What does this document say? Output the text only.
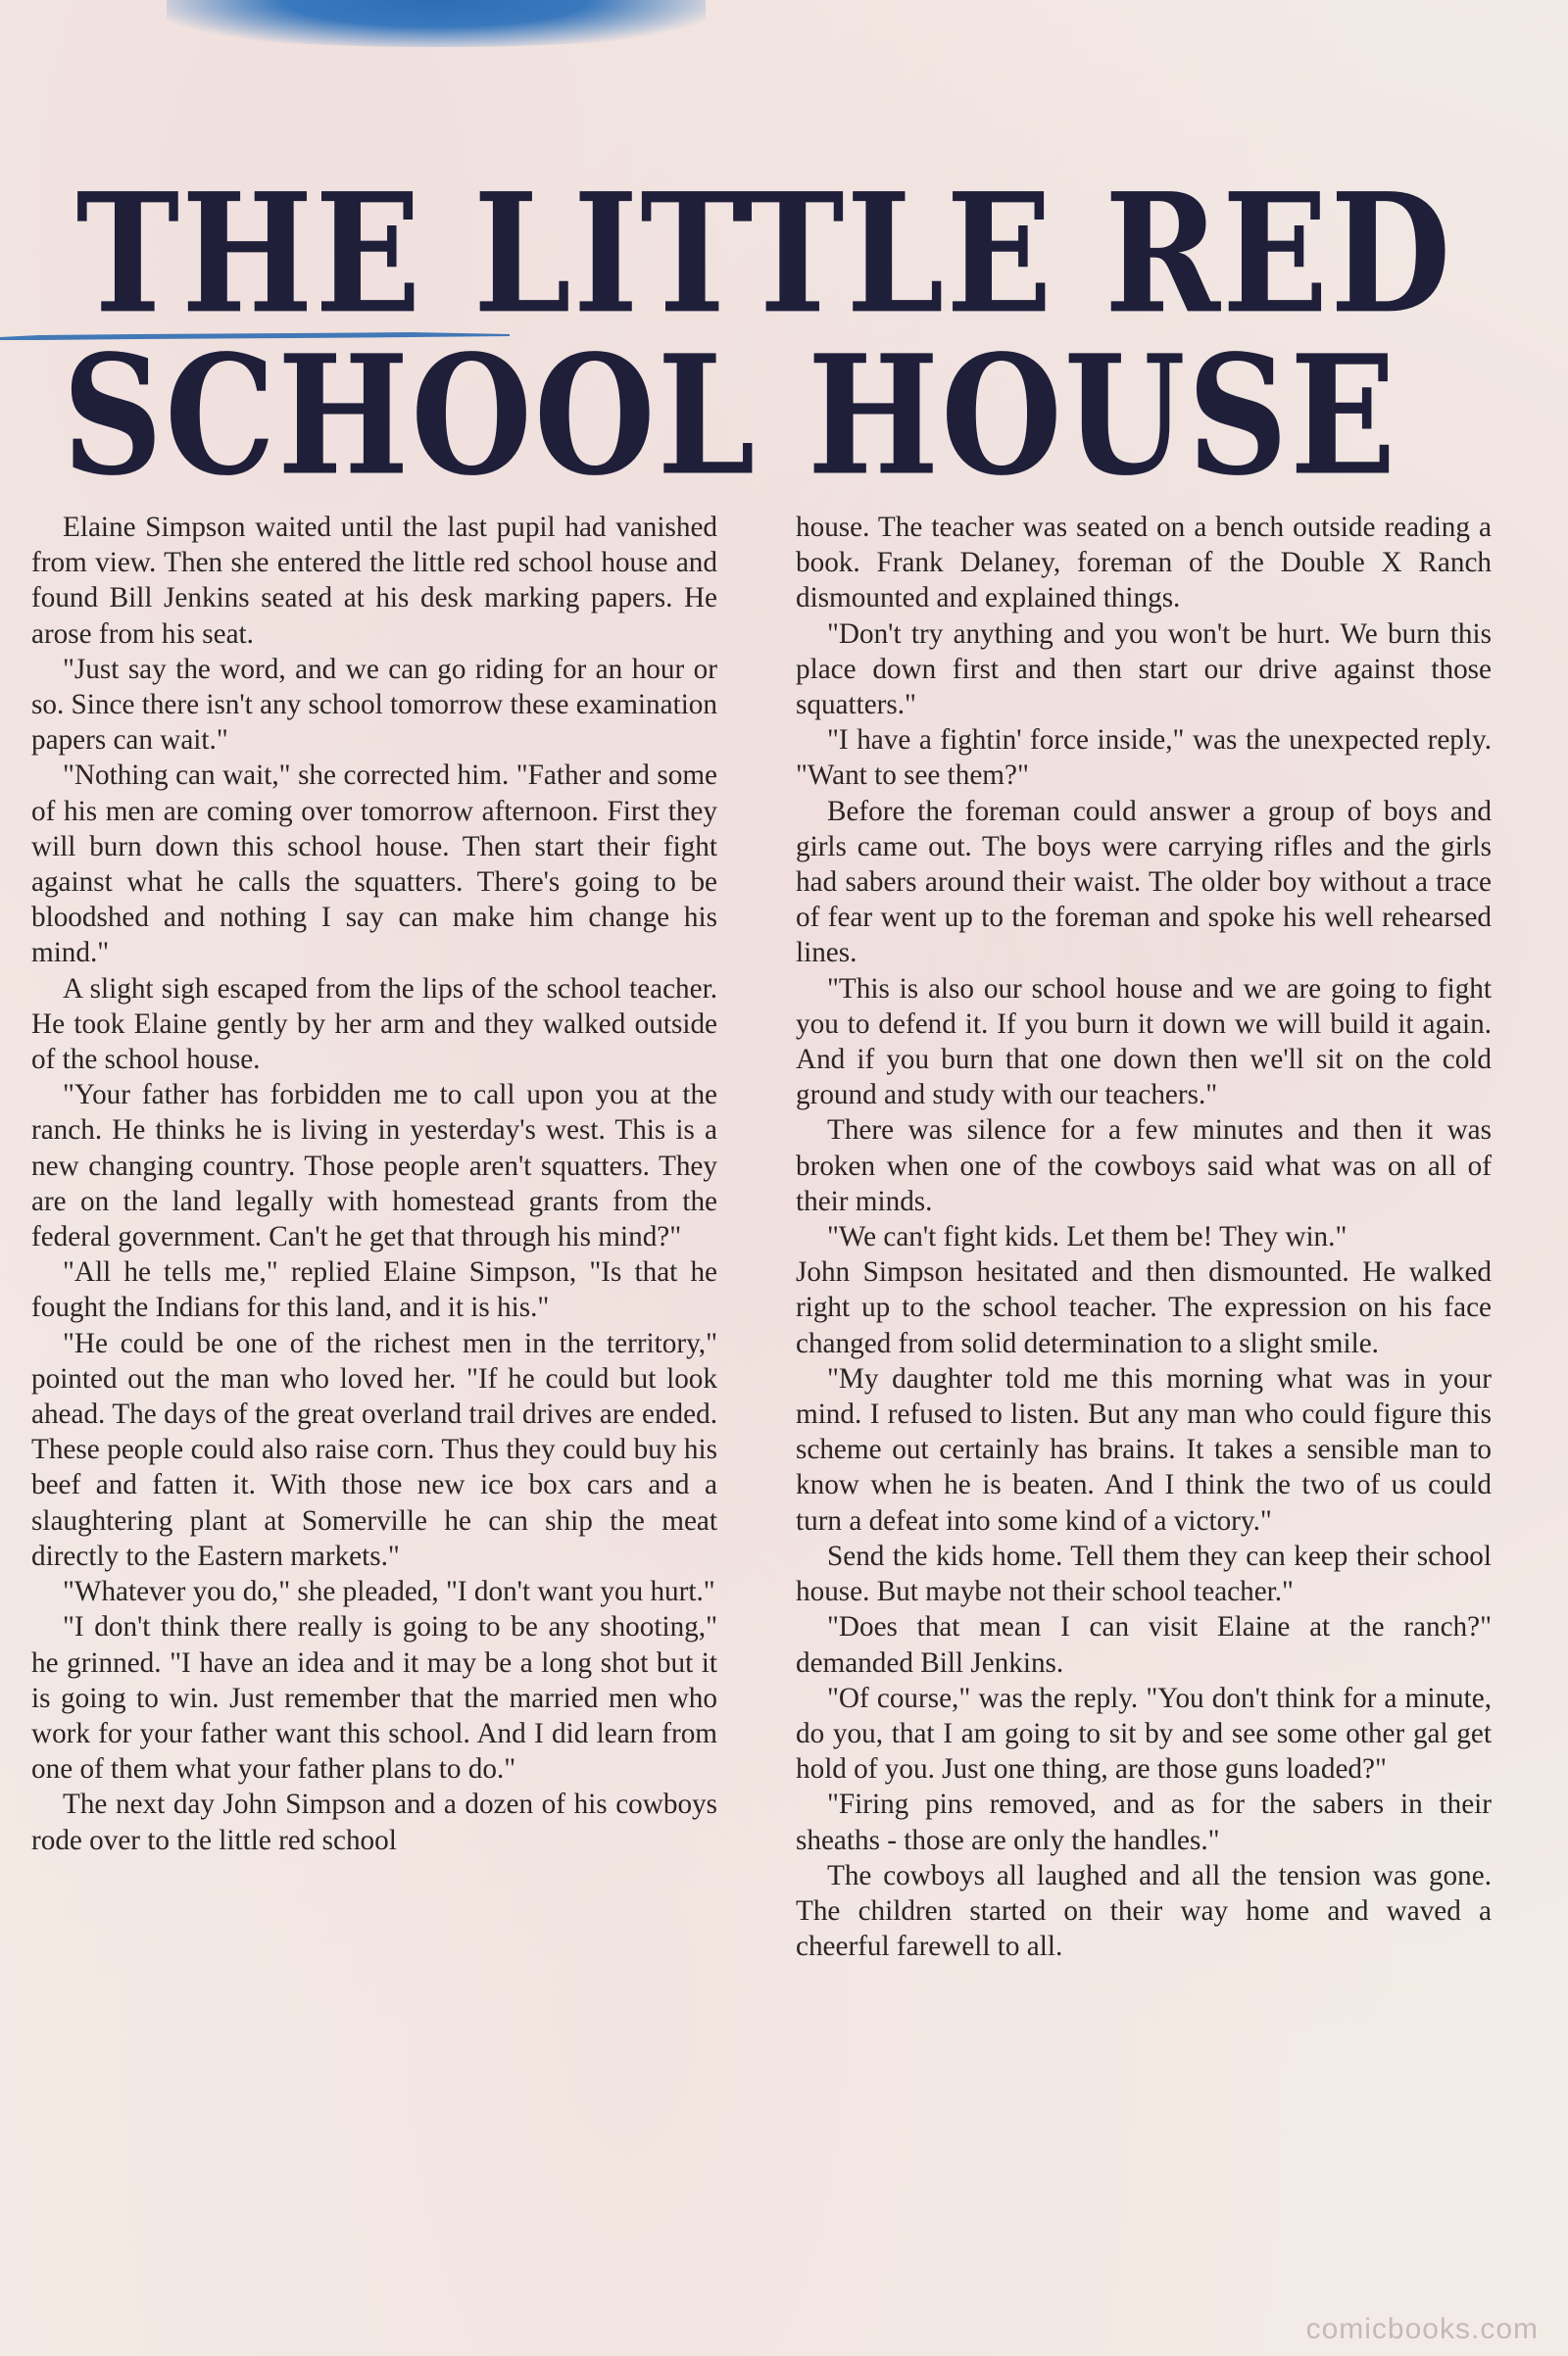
THE LITTLE RED
SCHOOL HOUSE

Elaine Simpson waited until the last pupil had vanished from view. Then she entered the little red school house and found Bill Jenkins seated at his desk marking papers. He arose from his seat.

"Just say the word, and we can go riding for an hour or so. Since there isn't any school tomorrow these examination papers can wait."

"Nothing can wait," she corrected him. "Father and some of his men are coming over tomorrow afternoon. First they will burn down this school house. Then start their fight against what he calls the squatters. There's going to be bloodshed and nothing I say can make him change his mind."

A slight sigh escaped from the lips of the school teacher. He took Elaine gently by her arm and they walked outside of the school house.

"Your father has forbidden me to call upon you at the ranch. He thinks he is living in yesterday's west. This is a new changing country. Those people aren't squatters. They are on the land legally with homestead grants from the federal government. Can't he get that through his mind?"

"All he tells me," replied Elaine Simpson, "Is that he fought the Indians for this land, and it is his."

"He could be one of the richest men in the territory," pointed out the man who loved her. "If he could but look ahead. The days of the great overland trail drives are ended. These people could also raise corn. Thus they could buy his beef and fatten it. With those new ice box cars and a slaughtering plant at Somerville he can ship the meat directly to the Eastern markets."

"Whatever you do," she pleaded, "I don't want you hurt."

"I don't think there really is going to be any shooting," he grinned. "I have an idea and it may be a long shot but it is going to win. Just remember that the married men who work for your father want this school. And I did learn from one of them what your father plans to do."

The next day John Simpson and a dozen of his cowboys rode over to the little red school

house. The teacher was seated on a bench outside reading a book. Frank Delaney, foreman of the Double X Ranch dismounted and explained things.

"Don't try anything and you won't be hurt. We burn this place down first and then start our drive against those squatters."

"I have a fightin' force inside," was the unexpected reply. "Want to see them?"

Before the foreman could answer a group of boys and girls came out. The boys were carrying rifles and the girls had sabers around their waist. The older boy without a trace of fear went up to the foreman and spoke his well rehearsed lines.

"This is also our school house and we are going to fight you to defend it. If you burn it down we will build it again. And if you burn that one down then we'll sit on the cold ground and study with our teachers."

There was silence for a few minutes and then it was broken when one of the cowboys said what was on all of their minds.

"We can't fight kids. Let them be! They win."

John Simpson hesitated and then dismounted. He walked right up to the school teacher. The expression on his face changed from solid determination to a slight smile.

"My daughter told me this morning what was in your mind. I refused to listen. But any man who could figure this scheme out certainly has brains. It takes a sensible man to know when he is beaten. And I think the two of us could turn a defeat into some kind of a victory."

Send the kids home. Tell them they can keep their school house. But maybe not their school teacher."

"Does that mean I can visit Elaine at the ranch?" demanded Bill Jenkins.

"Of course," was the reply. "You don't think for a minute, do you, that I am going to sit by and see some other gal get hold of you. Just one thing, are those guns loaded?"

"Firing pins removed, and as for the sabers in their sheaths - those are only the handles."

The cowboys all laughed and all the tension was gone. The children started on their way home and waved a cheerful farewell to all.

comicbooks.com
